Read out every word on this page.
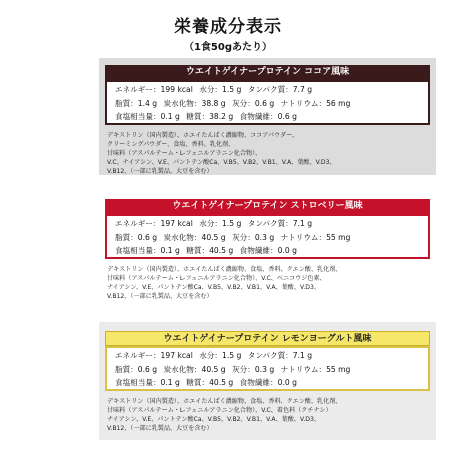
栄養成分表示
（1食50gあたり）
ウエイトゲイナープロテイン ココア風味
エネルギー：199 kcal 水分：1.5 g タンパク質：7.7 g
脂質：1.4 g 炭水化物：38.8 g 灰分：0.6 g ナトリウム：56 mg
食塩相当量：0.1 g 糖質：38.2 g 食物繊維：0.6 g
デキストリン（国内製造）、ホエイたんぱく濃縮物、ココアパウダー、
クリーミングパウダー、食塩、香料、乳化剤、
甘味料（アスパルテーム・L-フェニルアラニン化合物）、
V.C、ナイアシン、V.E、パントテン酸Ca、V.B5、V.B2、V.B1、V.A、葉酸、V.D3、
V.B12、（一部に乳製品、大豆を含む）
ウエイトゲイナープロテイン ストロベリー風味
エネルギー：197 kcal 水分：1.5 g タンパク質：7.1 g
脂質：0.6 g 炭水化物：40.5 g 灰分：0.3 g ナトリウム：55 mg
食塩相当量：0.1 g 糖質：40.5 g 食物繊維：0.0 g
デキストリン（国内製造）、ホエイたんぱく濃縮物、食塩、香料、クエン酸、乳化剤、
甘味料（アスパルテーム・L-フェニルアラニン化合物）、V.C、ベニコウジ色素、
ナイアシン、V.E、パントテン酸Ca、V.B5、V.B2、V.B1、V.A、葉酸、V.D3、
V.B12、（一部に乳製品、大豆を含む）
ウエイトゲイナープロテイン レモンヨーグルト風味
エネルギー：197 kcal 水分：1.5 g タンパク質：7.1 g
脂質：0.6 g 炭水化物：40.5 g 灰分：0.3 g ナトリウム：55 mg
食塩相当量：0.1 g 糖質：40.5 g 食物繊維：0.0 g
デキストリン（国内製造）、ホエイたんぱく濃縮物、食塩、香料、クエン酸、乳化剤、
甘味料（アスパルテーム・L-フェニルアラニン化合物）、V.C、着色料（クチナシ）
ナイアシン、V.E、パントテン酸Ca、V.B5、V.B2、V.B1、V.A、葉酸、V.D3、
V.B12、（一部に乳製品、大豆を含む）
